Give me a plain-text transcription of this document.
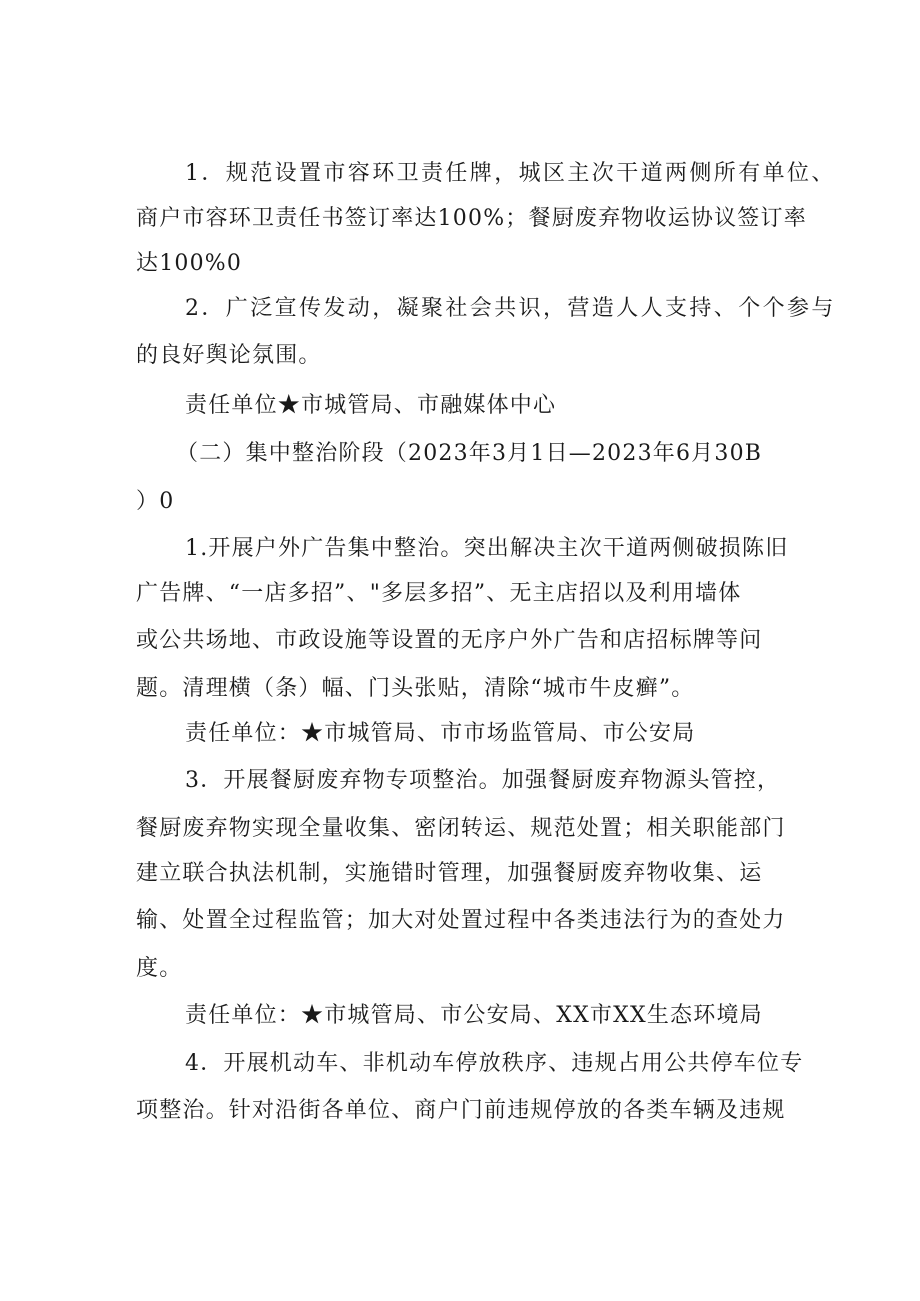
1．规范设置市容环卫责任牌，城区主次干道两侧所有单位、
商户市容环卫责任书签订率达100%；餐厨废弃物收运协议签订率
达100%0
2．广泛宣传发动，凝聚社会共识，营造人人支持、个个参与
的良好舆论氛围。
责任单位★市城管局、市融媒体中心
（二）集中整治阶段（2023年3月1日—2023年6月30B
）0
1.开展户外广告集中整治。突出解决主次干道两侧破损陈旧
广告牌、“一店多招”、"多层多招”、无主店招以及利用墙体
或公共场地、市政设施等设置的无序户外广告和店招标牌等问
题。清理横（条）幅、门头张贴，清除“城市牛皮癣”。
责任单位：★市城管局、市市场监管局、市公安局
3．开展餐厨废弃物专项整治。加强餐厨废弃物源头管控，
餐厨废弃物实现全量收集、密闭转运、规范处置；相关职能部门
建立联合执法机制，实施错时管理，加强餐厨废弃物收集、运
输、处置全过程监管；加大对处置过程中各类违法行为的查处力
度。
责任单位：★市城管局、市公安局、XX市XX生态环境局
4．开展机动车、非机动车停放秩序、违规占用公共停车位专
项整治。针对沿街各单位、商户门前违规停放的各类车辆及违规
